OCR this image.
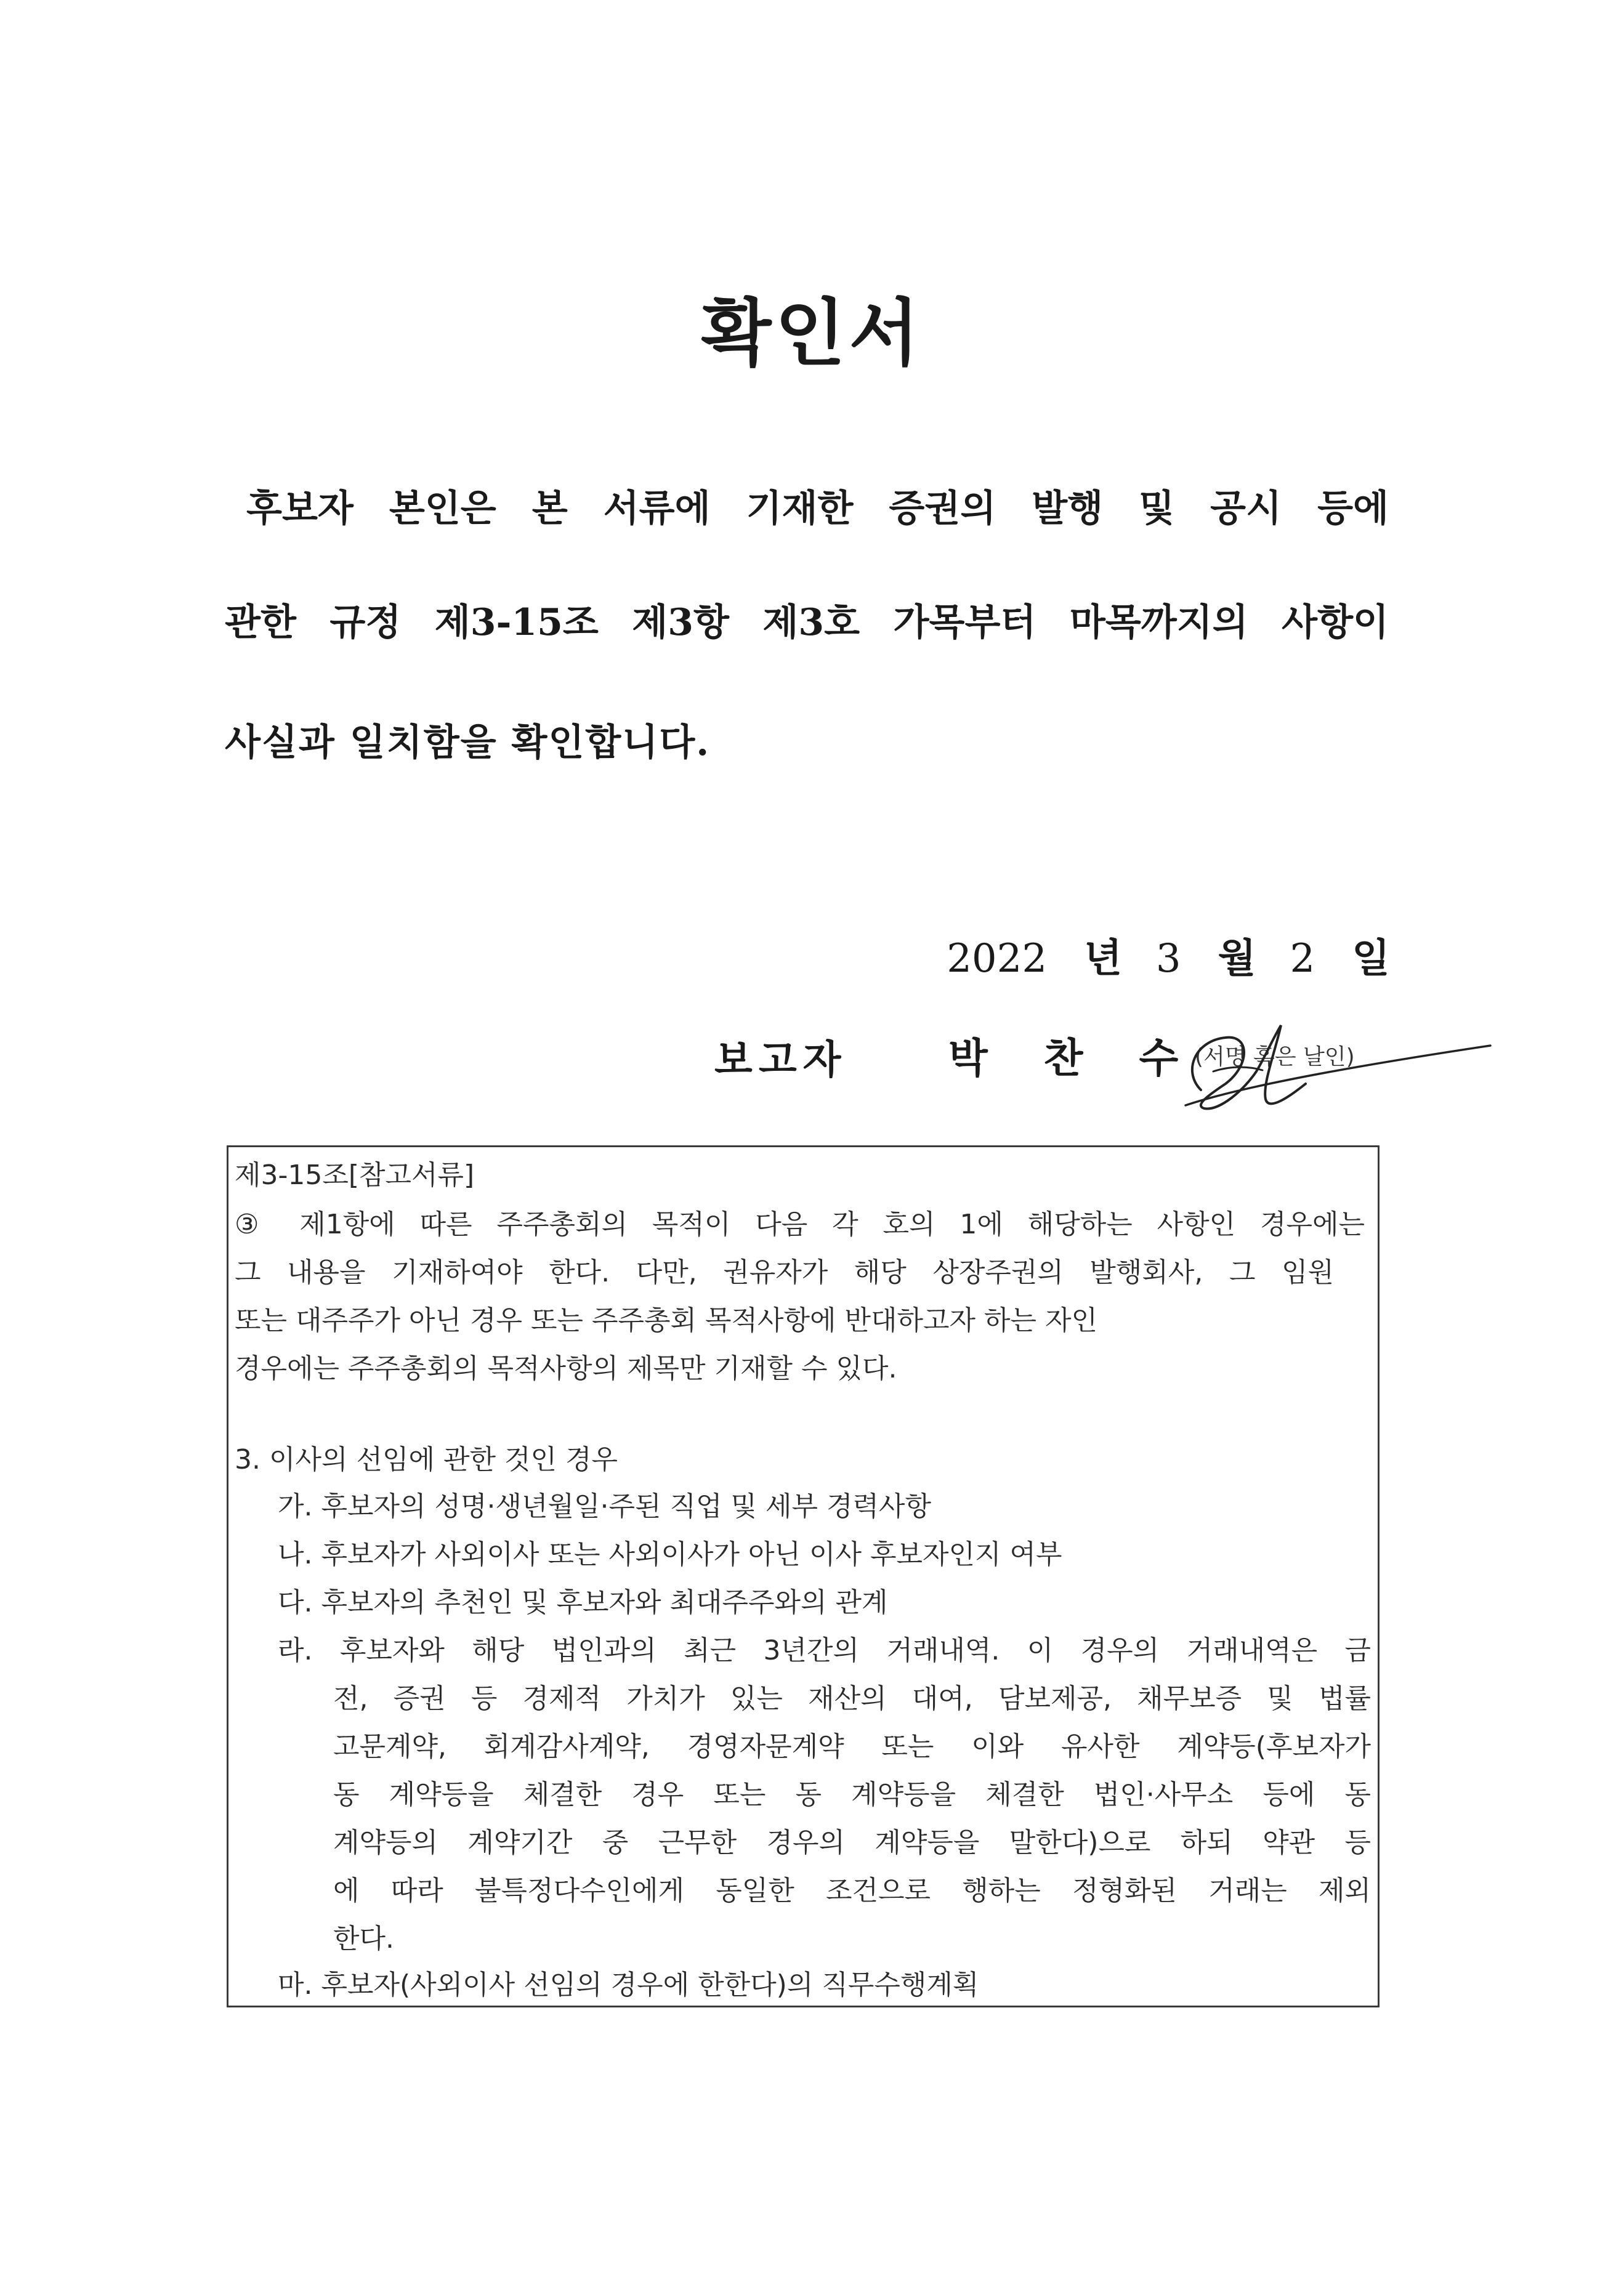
확인서
후보자 본인은 본 서류에 기재한 증권의 발행 및 공시 등에
관한 규정 제3-15조 제3항 제3호 가목부터 마목까지의 사항이
사실과 일치함을 확인합니다.
2022 년 3 월 2 일
보고자 박 찬 수
(서명 혹은 날인)
제3-15조[참고서류]
③ 제1항에 따른 주주총회의 목적이 다음 각 호의 1에 해당하는 사항인 경우에는
그 내용을 기재하여야 한다. 다만, 권유자가 해당 상장주권의 발행회사, 그 임원
또는 대주주가 아닌 경우 또는 주주총회 목적사항에 반대하고자 하는 자인
경우에는 주주총회의 목적사항의 제목만 기재할 수 있다.
3. 이사의 선임에 관한 것인 경우
가. 후보자의 성명·생년월일·주된 직업 및 세부 경력사항
나. 후보자가 사외이사 또는 사외이사가 아닌 이사 후보자인지 여부
다. 후보자의 추천인 및 후보자와 최대주주와의 관계
라. 후보자와 해당 법인과의 최근 3년간의 거래내역. 이 경우의 거래내역은 금
전, 증권 등 경제적 가치가 있는 재산의 대여, 담보제공, 채무보증 및 법률
고문계약, 회계감사계약, 경영자문계약 또는 이와 유사한 계약등(후보자가
동 계약등을 체결한 경우 또는 동 계약등을 체결한 법인·사무소 등에 동
계약등의 계약기간 중 근무한 경우의 계약등을 말한다)으로 하되 약관 등
에 따라 불특정다수인에게 동일한 조건으로 행하는 정형화된 거래는 제외
한다.
마. 후보자(사외이사 선임의 경우에 한한다)의 직무수행계획
